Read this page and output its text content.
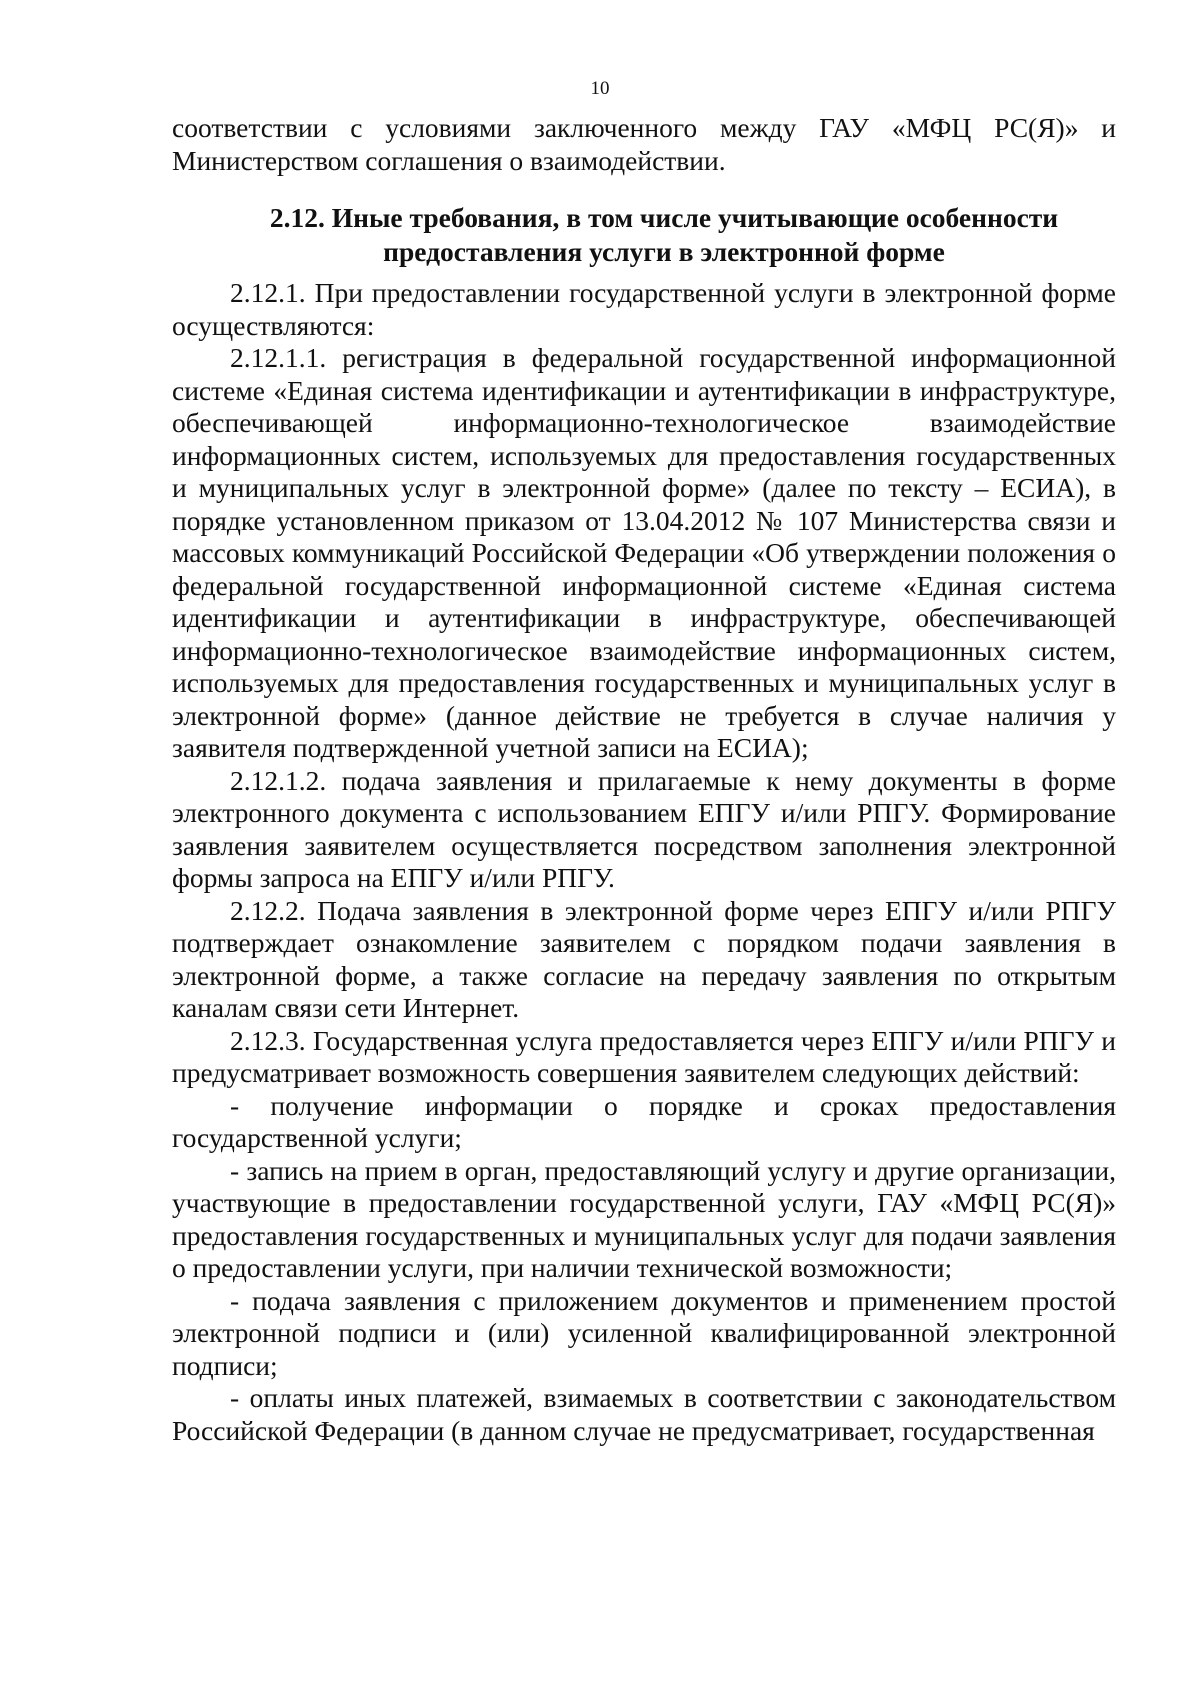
10

соответствии с условиями заключенного между ГАУ «МФЦ РС(Я)» и Министерством соглашения о взаимодействии.

2.12. Иные требования, в том числе учитывающие особенности
предоставления услуги в электронной форме

2.12.1. При предоставлении государственной услуги в электронной форме осуществляются:

2.12.1.1. регистрация в федеральной государственной информационной системе «Единая система идентификации и аутентификации в инфраструктуре, обеспечивающей информационно-технологическое взаимодействие информационных систем, используемых для предоставления государственных и муниципальных услуг в электронной форме» (далее по тексту – ЕСИА), в порядке установленном приказом от 13.04.2012 № 107 Министерства связи и массовых коммуникаций Российской Федерации «Об утверждении положения о федеральной государственной информационной системе «Единая система идентификации и аутентификации в инфраструктуре, обеспечивающей информационно-технологическое взаимодействие информационных систем, используемых для предоставления государственных и муниципальных услуг в электронной форме» (данное действие не требуется в случае наличия у заявителя подтвержденной учетной записи на ЕСИА);

2.12.1.2. подача заявления и прилагаемые к нему документы в форме электронного документа с использованием ЕПГУ и/или РПГУ. Формирование заявления заявителем осуществляется посредством заполнения электронной формы запроса на ЕПГУ и/или РПГУ.

2.12.2. Подача заявления в электронной форме через ЕПГУ и/или РПГУ подтверждает ознакомление заявителем с порядком подачи заявления в электронной форме, а также согласие на передачу заявления по открытым каналам связи сети Интернет.

2.12.3. Государственная услуга предоставляется через ЕПГУ и/или РПГУ и предусматривает возможность совершения заявителем следующих действий:

- получение информации о порядке и сроках предоставления государственной услуги;

- запись на прием в орган, предоставляющий услугу и другие организации, участвующие в предоставлении государственной услуги, ГАУ «МФЦ РС(Я)» предоставления государственных и муниципальных услуг для подачи заявления о предоставлении услуги, при наличии технической возможности;

- подача заявления с приложением документов и применением простой электронной подписи и (или) усиленной квалифицированной электронной подписи;

- оплаты иных платежей, взимаемых в соответствии с законодательством Российской Федерации (в данном случае не предусматривает, государственная
